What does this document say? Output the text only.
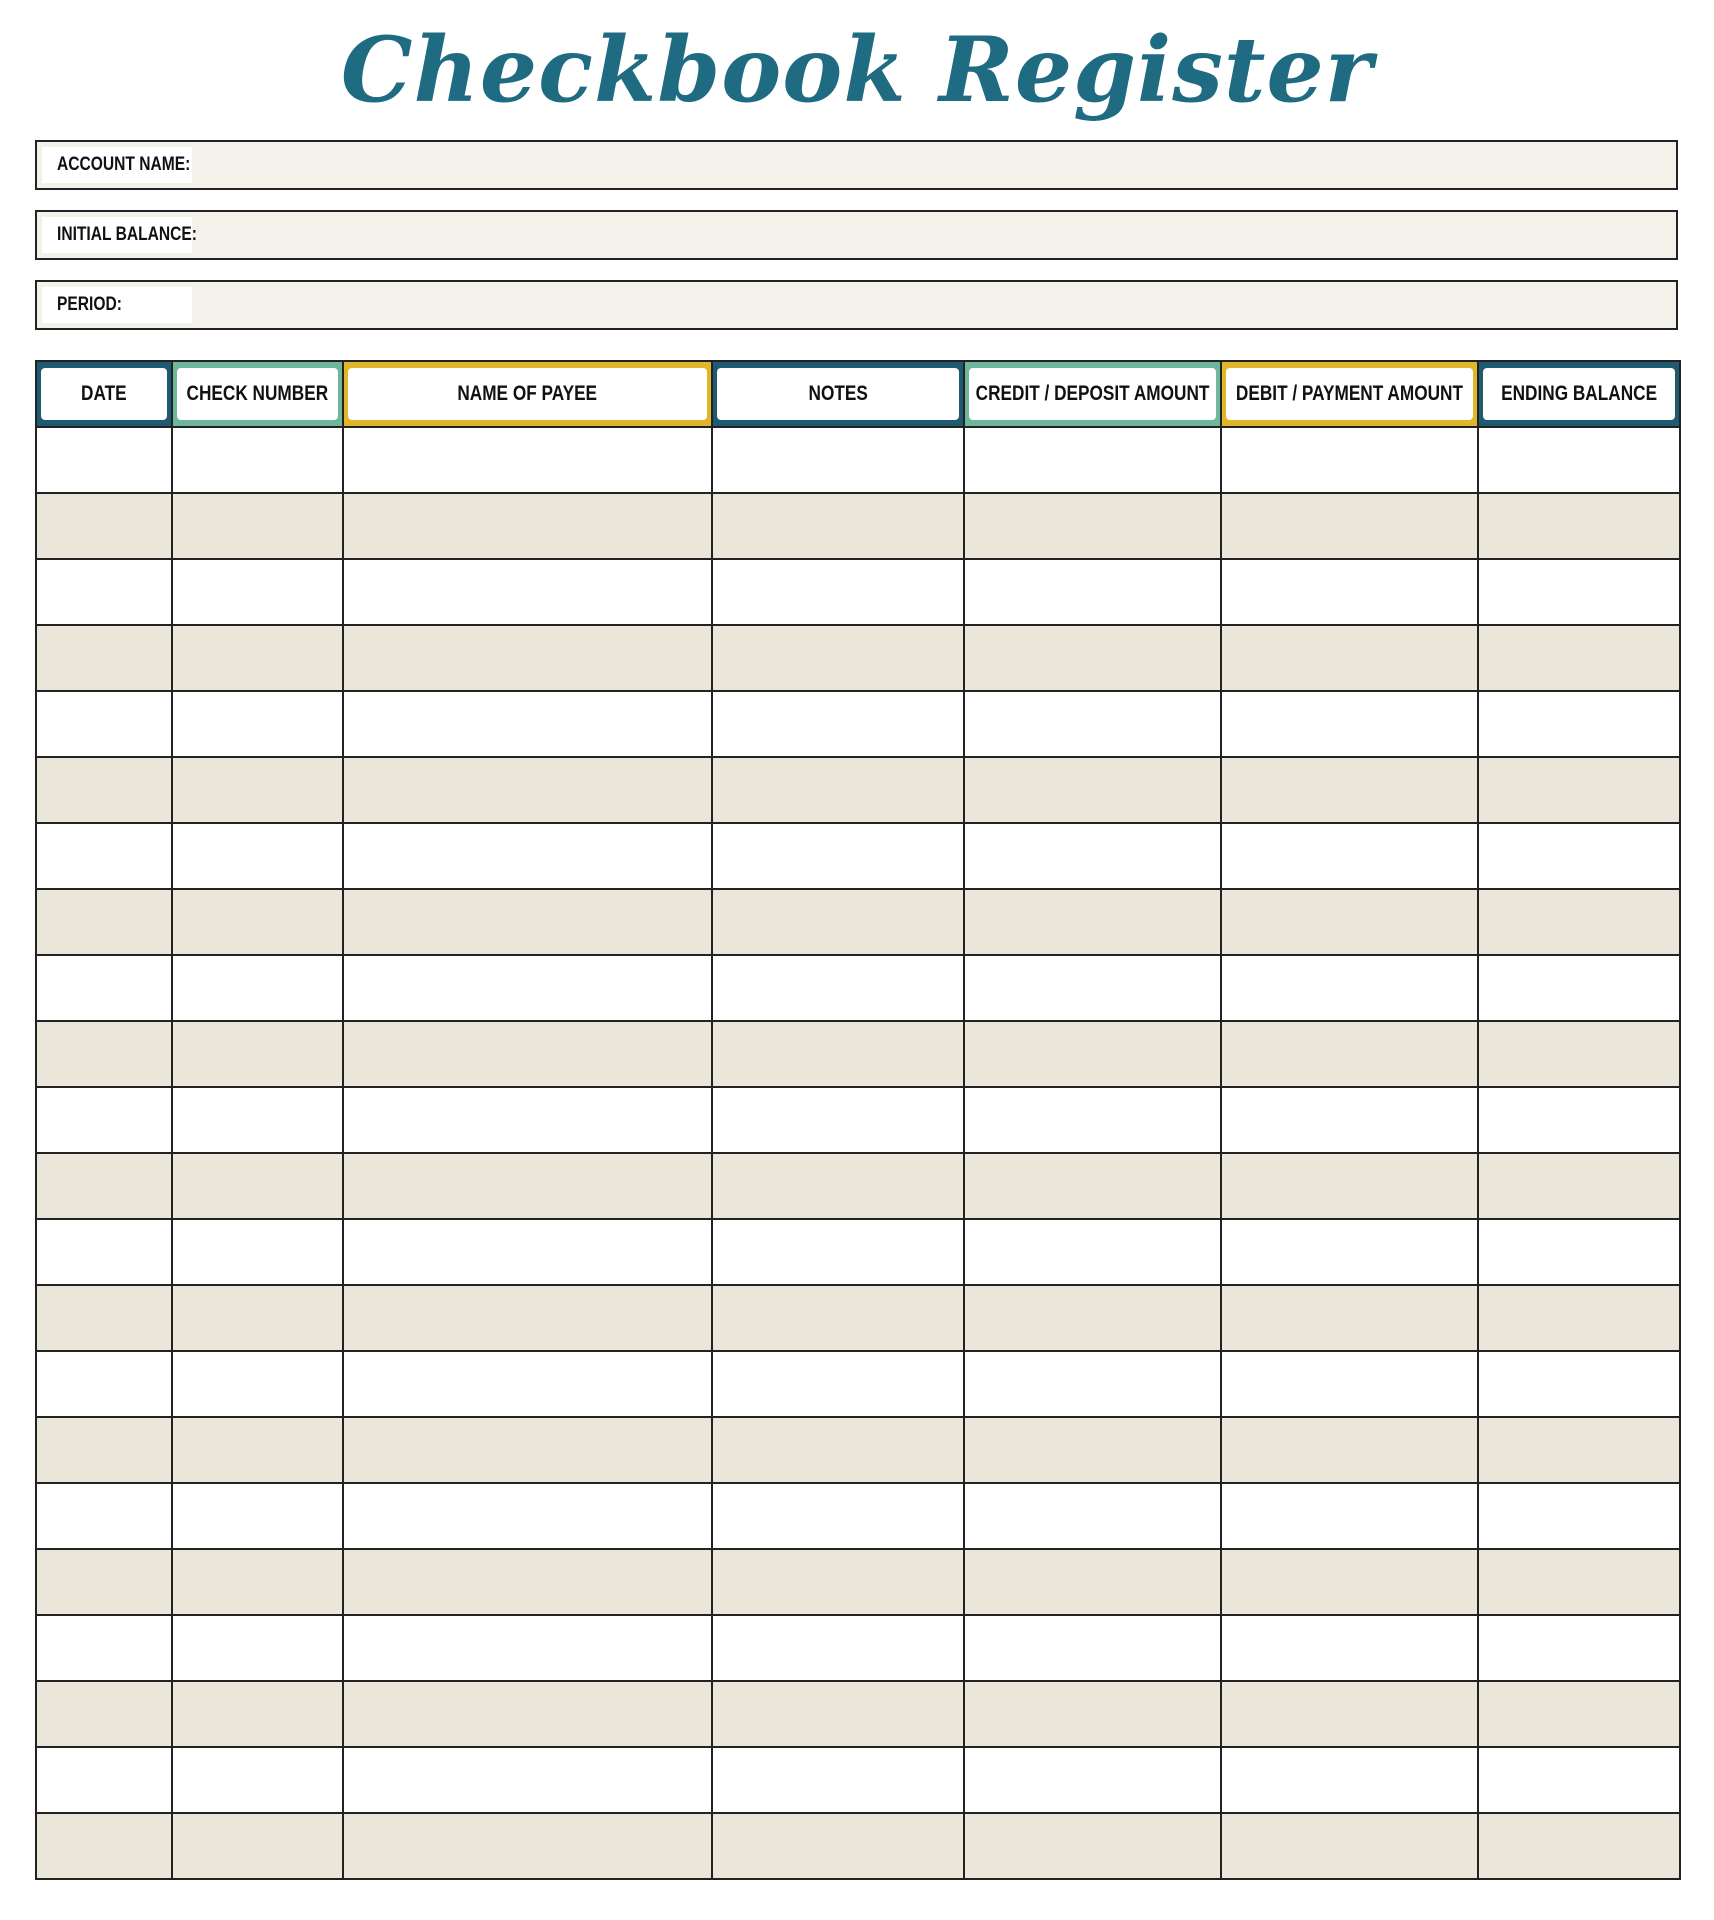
Checkbook Register
ACCOUNT NAME:
INITIAL BALANCE:
PERIOD:
DATE	CHECK NUMBER	NAME OF PAYEE	NOTES	CREDIT / DEPOSIT AMOUNT	DEBIT / PAYMENT AMOUNT	ENDING BALANCE
